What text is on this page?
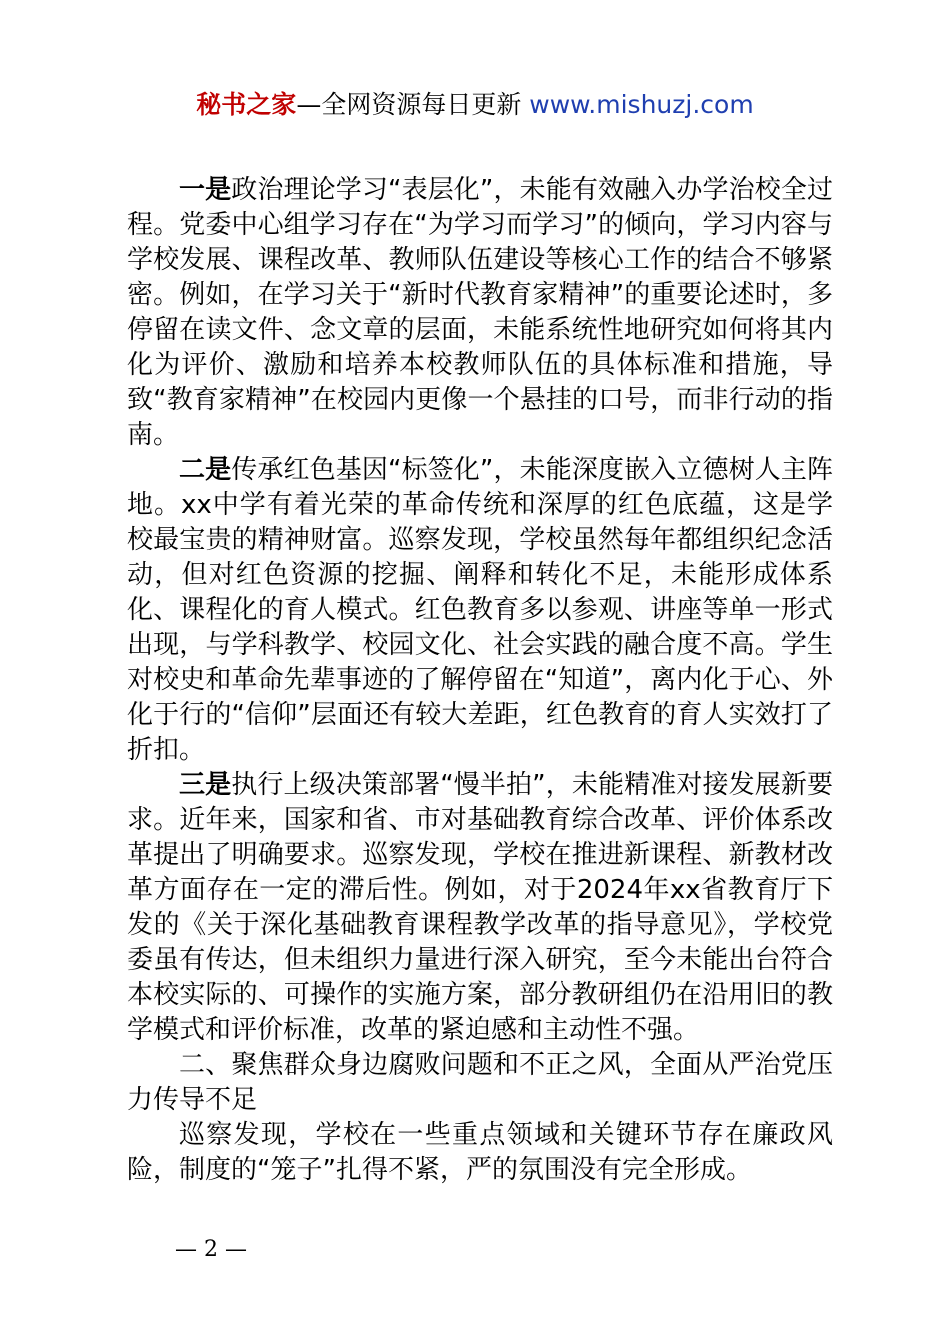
秘书之家—全网资源每日更新 www.mishuzj.com

一是政治理论学习“表层化”，未能有效融入办学治校全过程。党委中心组学习存在“为学习而学习”的倾向，学习内容与学校发展、课程改革、教师队伍建设等核心工作的结合不够紧密。例如，在学习关于“新时代教育家精神”的重要论述时，多停留在读文件、念文章的层面，未能系统性地研究如何将其内化为评价、激励和培养本校教师队伍的具体标准和措施，导致“教育家精神”在校园内更像一个悬挂的口号，而非行动的指南。

二是传承红色基因“标签化”，未能深度嵌入立德树人主阵地。xx中学有着光荣的革命传统和深厚的红色底蕴，这是学校最宝贵的精神财富。巡察发现，学校虽然每年都组织纪念活动，但对红色资源的挖掘、阐释和转化不足，未能形成体系化、课程化的育人模式。红色教育多以参观、讲座等单一形式出现，与学科教学、校园文化、社会实践的融合度不高。学生对校史和革命先辈事迹的了解停留在“知道”，离内化于心、外化于行的“信仰”层面还有较大差距，红色教育的育人实效打了折扣。

三是执行上级决策部署“慢半拍”，未能精准对接发展新要求。近年来，国家和省、市对基础教育综合改革、评价体系改革提出了明确要求。巡察发现，学校在推进新课程、新教材改革方面存在一定的滞后性。例如，对于2024年xx省教育厅下发的《关于深化基础教育课程教学改革的指导意见》，学校党委虽有传达，但未组织力量进行深入研究，至今未能出台符合本校实际的、可操作的实施方案，部分教研组仍在沿用旧的教学模式和评价标准，改革的紧迫感和主动性不强。

二、聚焦群众身边腐败问题和不正之风，全面从严治党压力传导不足

巡察发现，学校在一些重点领域和关键环节存在廉政风险，制度的“笼子”扎得不紧，严的氛围没有完全形成。

— 2 —
